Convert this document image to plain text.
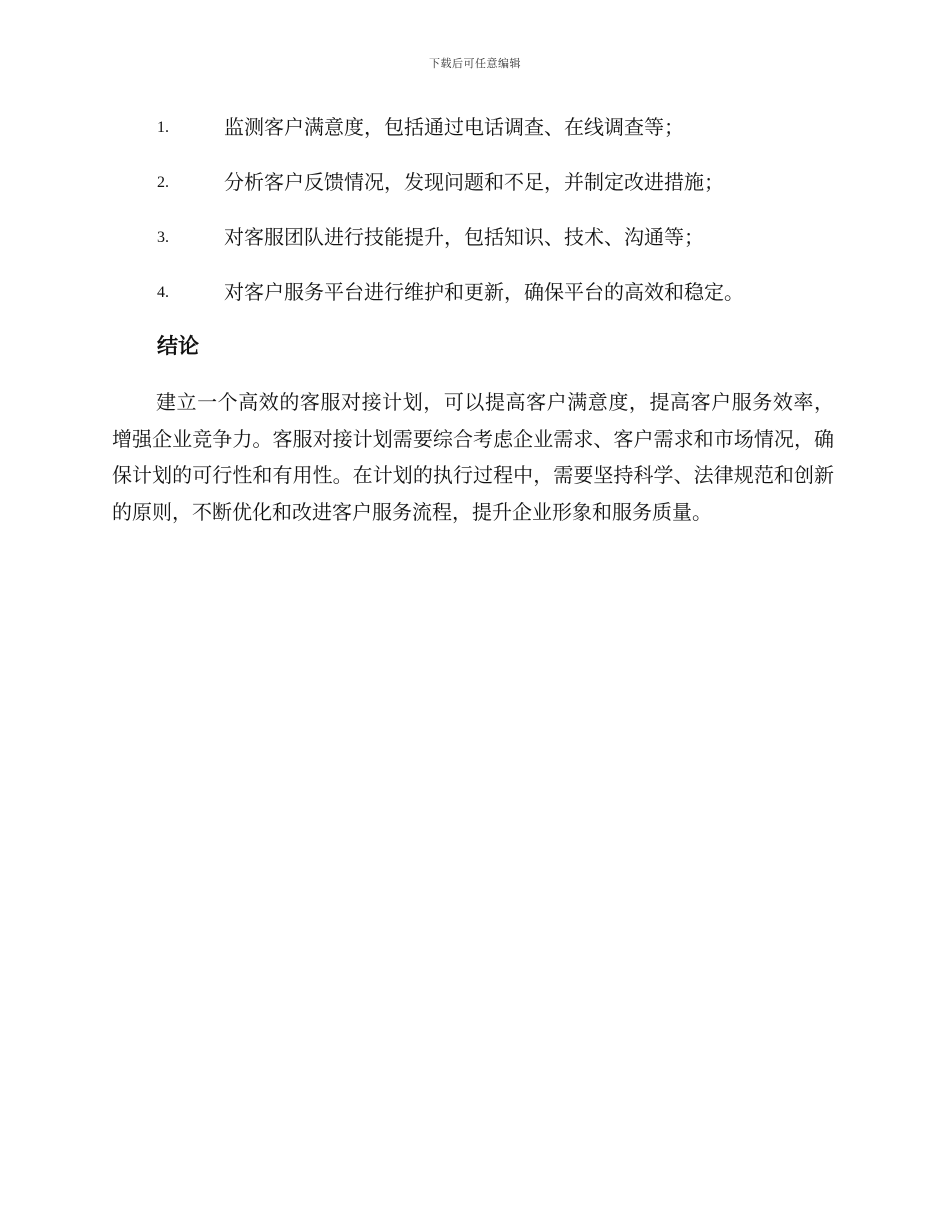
下载后可任意编辑
1.	监测客户满意度，包括通过电话调查、在线调查等；
2.	分析客户反馈情况，发现问题和不足，并制定改进措施；
3.	对客服团队进行技能提升，包括知识、技术、沟通等；
4.	对客户服务平台进行维护和更新，确保平台的高效和稳定。
结论

建立一个高效的客服对接计划，可以提高客户满意度，提高客户服务效率，增强企业竞争力。客服对接计划需要综合考虑企业需求、客户需求和市场情况，确保计划的可行性和有用性。在计划的执行过程中，需要坚持科学、法律规范和创新的原则，不断优化和改进客户服务流程，提升企业形象和服务质量。
